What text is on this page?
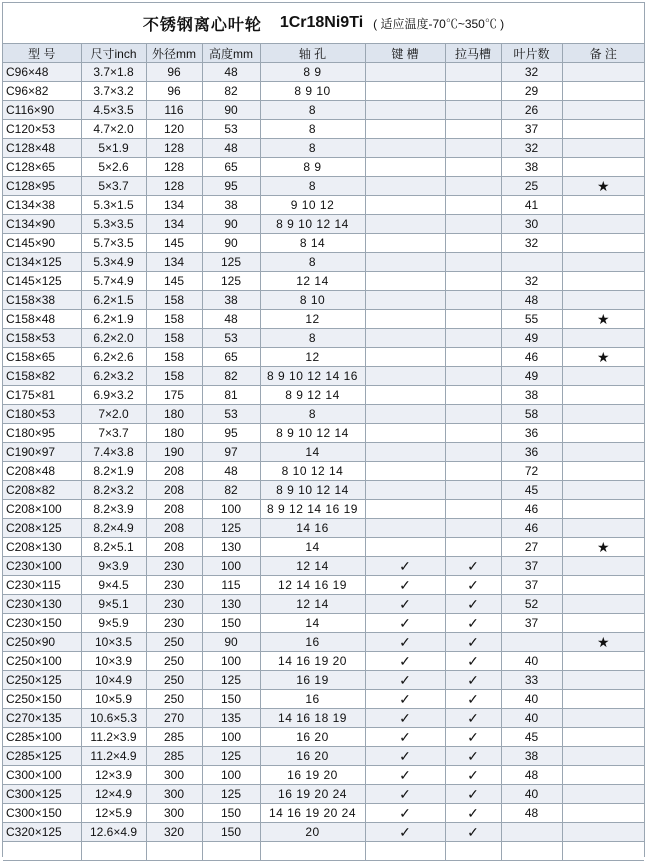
不锈钢离心叶轮 1Cr18Ni9Ti ( 适应温度-70℃~350℃ )
型 号	尺寸inch	外径mm	高度mm	轴 孔	键 槽	拉马槽	叶片数	备 注
C96×48	3.7×1.8	96	48	8 9			32	
C96×82	3.7×3.2	96	82	8 9 10			29	
C116×90	4.5×3.5	116	90	8			26	
C120×53	4.7×2.0	120	53	8			37	
C128×48	5×1.9	128	48	8			32	
C128×65	5×2.6	128	65	8 9			38	
C128×95	5×3.7	128	95	8			25	★
C134×38	5.3×1.5	134	38	9 10 12			41	
C134×90	5.3×3.5	134	90	8 9 10 12 14			30	
C145×90	5.7×3.5	145	90	8 14			32	
C134×125	5.3×4.9	134	125	8				
C145×125	5.7×4.9	145	125	12 14			32	
C158×38	6.2×1.5	158	38	8 10			48	
C158×48	6.2×1.9	158	48	12			55	★
C158×53	6.2×2.0	158	53	8			49	
C158×65	6.2×2.6	158	65	12			46	★
C158×82	6.2×3.2	158	82	8 9 10 12 14 16			49	
C175×81	6.9×3.2	175	81	8 9 12 14			38	
C180×53	7×2.0	180	53	8			58	
C180×95	7×3.7	180	95	8 9 10 12 14			36	
C190×97	7.4×3.8	190	97	14			36	
C208×48	8.2×1.9	208	48	8 10 12 14			72	
C208×82	8.2×3.2	208	82	8 9 10 12 14			45	
C208×100	8.2×3.9	208	100	8 9 12 14 16 19			46	
C208×125	8.2×4.9	208	125	14 16			46	
C208×130	8.2×5.1	208	130	14			27	★
C230×100	9×3.9	230	100	12 14	✓	✓	37	
C230×115	9×4.5	230	115	12 14 16 19	✓	✓	37	
C230×130	9×5.1	230	130	12 14	✓	✓	52	
C230×150	9×5.9	230	150	14	✓	✓	37	
C250×90	10×3.5	250	90	16	✓	✓		★
C250×100	10×3.9	250	100	14 16 19 20	✓	✓	40	
C250×125	10×4.9	250	125	16 19	✓	✓	33	
C250×150	10×5.9	250	150	16	✓	✓	40	
C270×135	10.6×5.3	270	135	14 16 18 19	✓	✓	40	
C285×100	11.2×3.9	285	100	16 20	✓	✓	45	
C285×125	11.2×4.9	285	125	16 20	✓	✓	38	
C300×100	12×3.9	300	100	16 19 20	✓	✓	48	
C300×125	12×4.9	300	125	16 19 20 24	✓	✓	40	
C300×150	12×5.9	300	150	14 16 19 20 24	✓	✓	48	
C320×125	12.6×4.9	320	150	20	✓	✓		
